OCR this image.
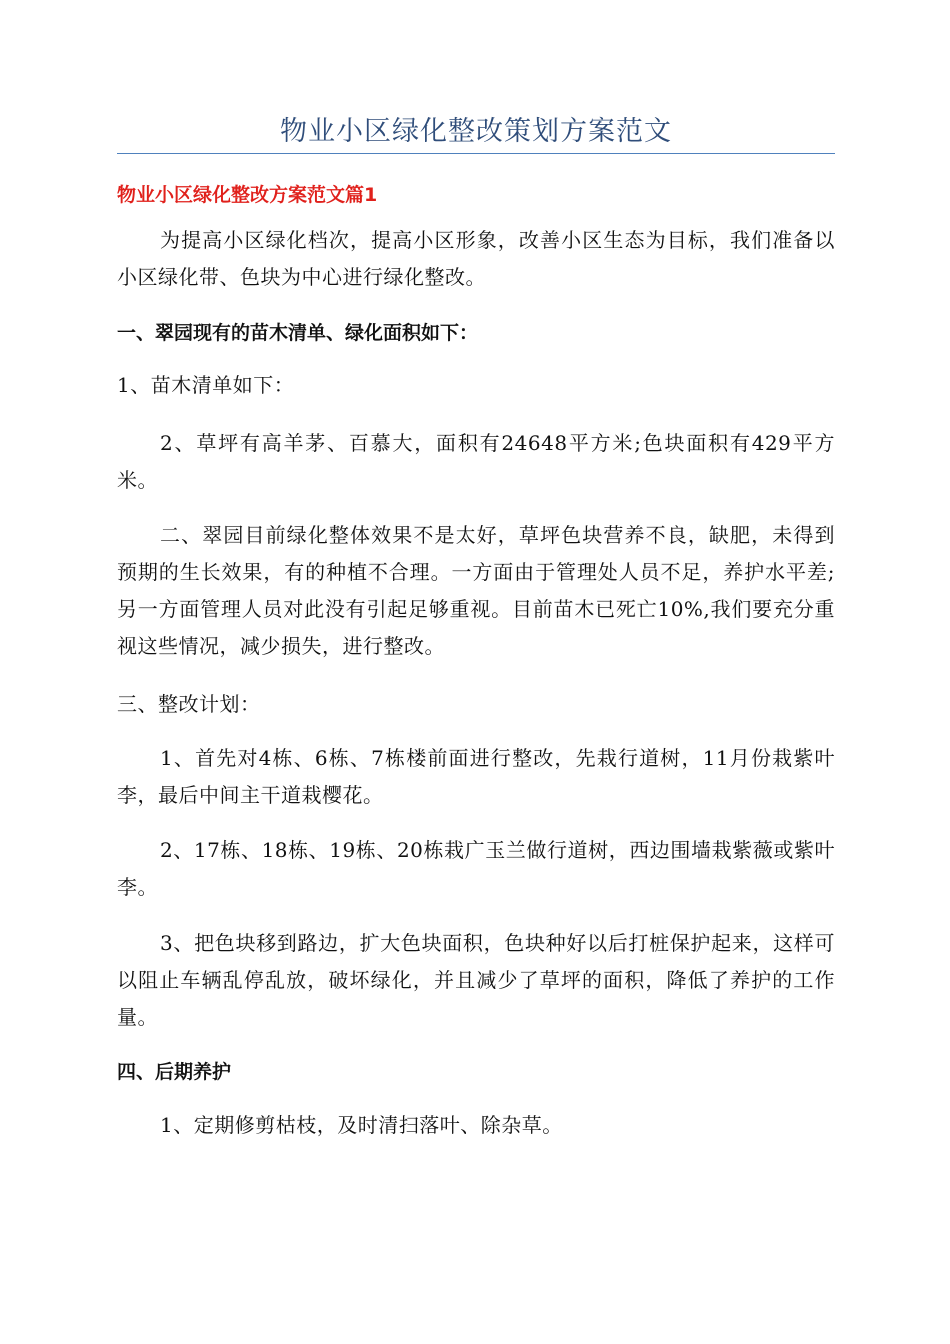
物业小区绿化整改策划方案范文

物业小区绿化整改方案范文篇1

为提高小区绿化档次，提高小区形象，改善小区生态为目标，我们准备以小区绿化带、色块为中心进行绿化整改。

一、翠园现有的苗木清单、绿化面积如下：

1、苗木清单如下：

2、草坪有高羊茅、百慕大，面积有24648平方米;色块面积有429平方米。

二、翠园目前绿化整体效果不是太好，草坪色块营养不良，缺肥，未得到预期的生长效果，有的种植不合理。一方面由于管理处人员不足，养护水平差;另一方面管理人员对此没有引起足够重视。目前苗木已死亡10%,我们要充分重视这些情况，减少损失，进行整改。

三、整改计划：

1、首先对4栋、6栋、7栋楼前面进行整改，先栽行道树，11月份栽紫叶李，最后中间主干道栽樱花。

2、17栋、18栋、19栋、20栋栽广玉兰做行道树，西边围墙栽紫薇或紫叶李。

3、把色块移到路边，扩大色块面积，色块种好以后打桩保护起来，这样可以阻止车辆乱停乱放，破坏绿化，并且减少了草坪的面积，降低了养护的工作量。

四、后期养护

1、定期修剪枯枝，及时清扫落叶、除杂草。
